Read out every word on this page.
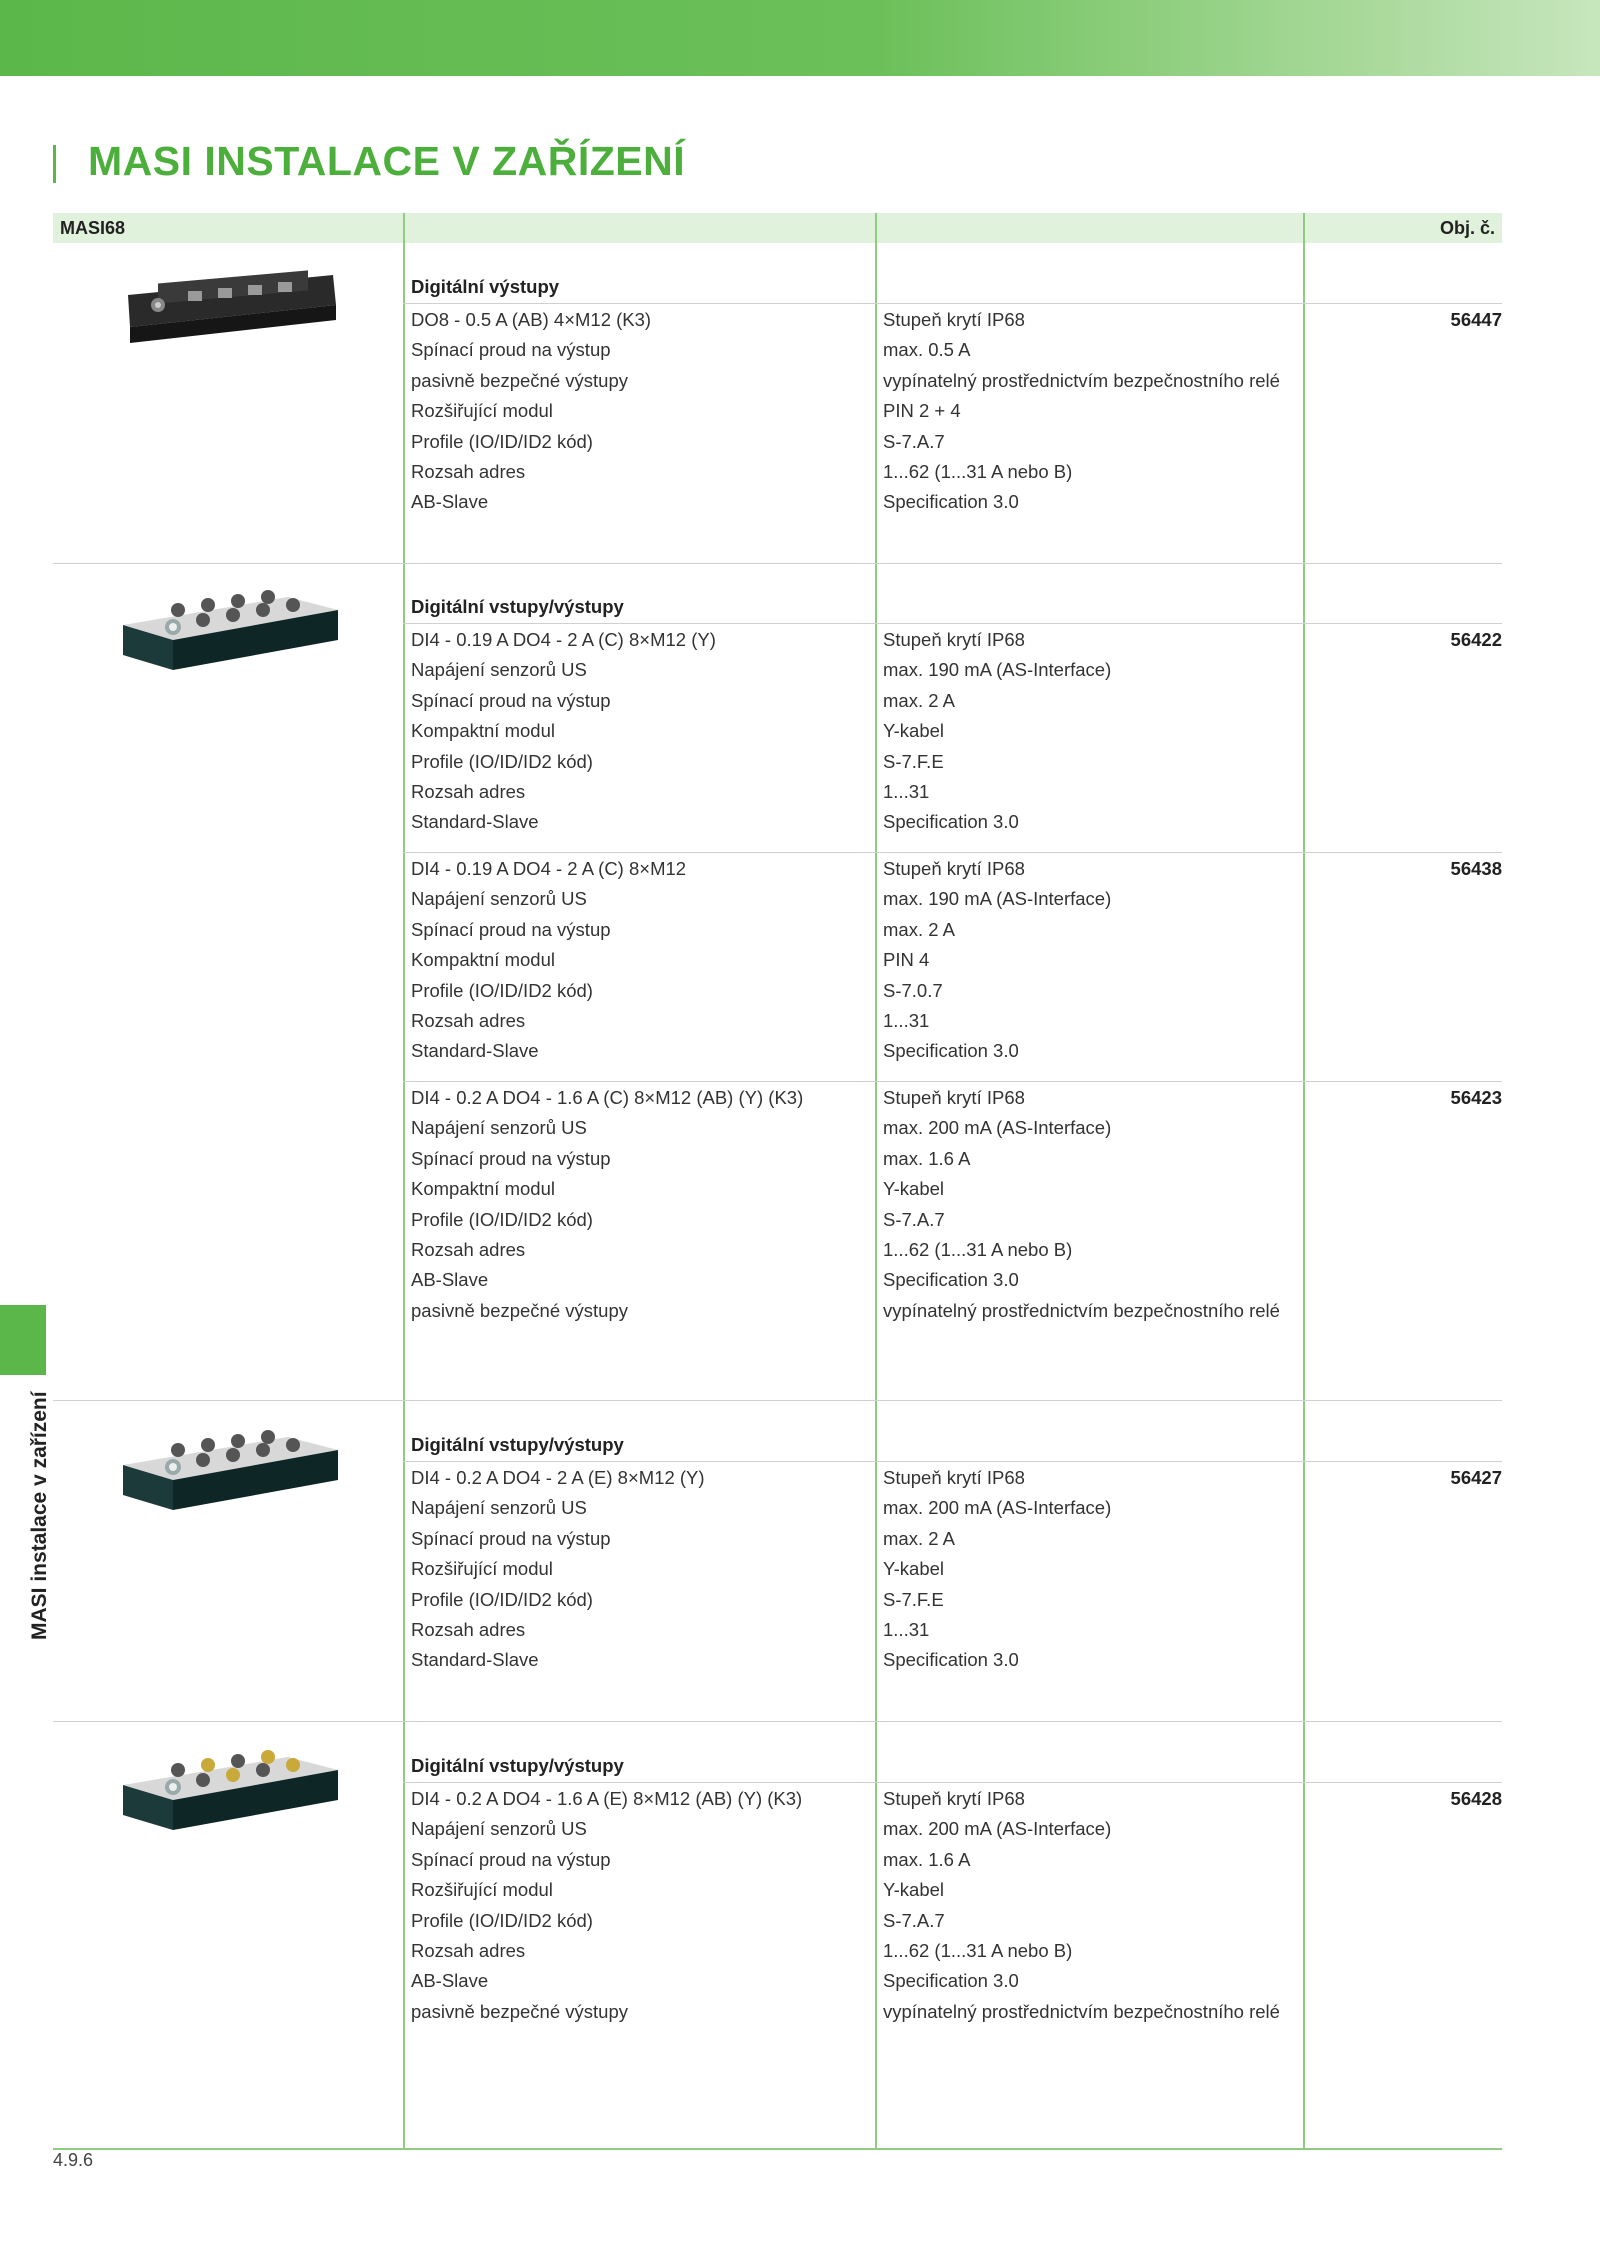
MASI INSTALACE V ZAŘÍZENÍ
MASI instalace v zařízení
MASI68	Obj. č.
Digitální výstupy
DO8 - 0.5 A (AB) 4×M12 (K3)
Spínací proud na výstup
pasivně bezpečné výstupy
Rozšiřující modul
Profile (IO/ID/ID2 kód)
Rozsah adres
AB-Slave
Stupeň krytí IP68
max. 0.5 A
vypínatelný prostřednictvím bezpečnostního relé
PIN 2 + 4
S-7.A.7
1...62 (1...31 A nebo B)
Specification 3.0
56447
Digitální vstupy/výstupy
DI4 - 0.19 A DO4 - 2 A (C) 8×M12 (Y)
Napájení senzorů US
Spínací proud na výstup
Kompaktní modul
Profile (IO/ID/ID2 kód)
Rozsah adres
Standard-Slave
Stupeň krytí IP68
max. 190 mA (AS-Interface)
max. 2 A
Y-kabel
S-7.F.E
1...31
Specification 3.0
56422
DI4 - 0.19 A DO4 - 2 A (C) 8×M12
Napájení senzorů US
Spínací proud na výstup
Kompaktní modul
Profile (IO/ID/ID2 kód)
Rozsah adres
Standard-Slave
Stupeň krytí IP68
max. 190 mA (AS-Interface)
max. 2 A
PIN 4
S-7.0.7
1...31
Specification 3.0
56438
DI4 - 0.2 A DO4 - 1.6 A (C) 8×M12 (AB) (Y) (K3)
Napájení senzorů US
Spínací proud na výstup
Kompaktní modul
Profile (IO/ID/ID2 kód)
Rozsah adres
AB-Slave
pasivně bezpečné výstupy
Stupeň krytí IP68
max. 200 mA (AS-Interface)
max. 1.6 A
Y-kabel
S-7.A.7
1...62 (1...31 A nebo B)
Specification 3.0
vypínatelný prostřednictvím bezpečnostního relé
56423
Digitální vstupy/výstupy
DI4 - 0.2 A DO4 - 2 A (E) 8×M12 (Y)
Napájení senzorů US
Spínací proud na výstup
Rozšiřující modul
Profile (IO/ID/ID2 kód)
Rozsah adres
Standard-Slave
Stupeň krytí IP68
max. 200 mA (AS-Interface)
max. 2 A
Y-kabel
S-7.F.E
1...31
Specification 3.0
56427
Digitální vstupy/výstupy
DI4 - 0.2 A DO4 - 1.6 A (E) 8×M12 (AB) (Y) (K3)
Napájení senzorů US
Spínací proud na výstup
Rozšiřující modul
Profile (IO/ID/ID2 kód)
Rozsah adres
AB-Slave
pasivně bezpečné výstupy
Stupeň krytí IP68
max. 200 mA (AS-Interface)
max. 1.6 A
Y-kabel
S-7.A.7
1...62 (1...31 A nebo B)
Specification 3.0
vypínatelný prostřednictvím bezpečnostního relé
56428
4.9.6
